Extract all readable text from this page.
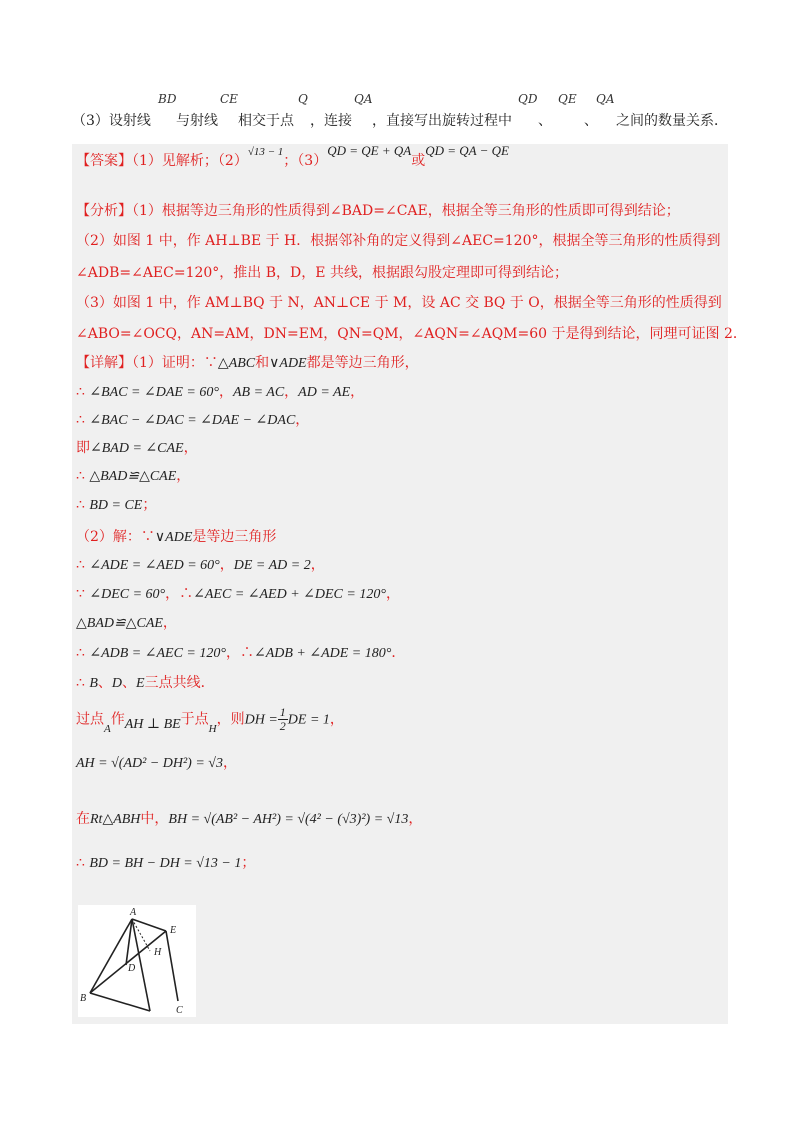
（3）设射线
BD
与射线
CE
相交于点
Q
，连接
QA
，直接写出旋转过程中
QD
、
QE
、
QA
之间的数量关系．
【答案】（1）见解析；$(2)^{√13 - 1}$；（3）QD = QE + QA或QD = QA − QE
【分析】（1）根据等边三角形的性质得到∠BAD=∠CAE，根据全等三角形的性质即可得到结论；
（2）如图 1 中，作 AH⊥BE 于 H．根据邻补角的定义得到∠AEC=120°，根据全等三角形的性质得到
∠ADB=∠AEC=120°，推出 B，D，E 共线，根据跟勾股定理即可得到结论；
（3）如图 1 中，作 AM⊥BQ 于 N，AN⊥CE 于 M，设 AC 交 BQ 于 O，根据全等三角形的性质得到
∠ABO=∠OCQ，AN=AM，DN=EM，QN=QM，∠AQN=∠AQM=60 于是得到结论，同理可证图 2．
【详解】（1）证明：∵△ABC和∨ADE都是等边三角形，
∴ ∠BAC = ∠DAE = 60°，AB = AC，AD = AE，
∴ ∠BAC − ∠DAC = ∠DAE − ∠DAC，
即∠BAD = ∠CAE，
∴ △BAD≌△CAE，
∴ BD = CE；
（2）解：∵∨ADE是等边三角形
∴ ∠ADE = ∠AED = 60°，DE = AD = 2，
∵ ∠DEC = 60°，∴∠AEC = ∠AED + ∠DEC = 120°，
△BAD≌△CAE，
∴ ∠ADB = ∠AEC = 120°，∴∠ADB + ∠ADE = 180°．
∴ B、D、E三点共线．
过点$_A$作AH ⊥ BE于点$_H$，则DH = $\frac{1}{2}$ DE = 1，
AH = √(AD² − DH²) = √3，
在Rt△ABH中，BH = √(AB² − AH²) = √(4² − (√3)²) = √13，
∴ BD = BH − DH = √13 − 1；
A
E
H
D
B
C
